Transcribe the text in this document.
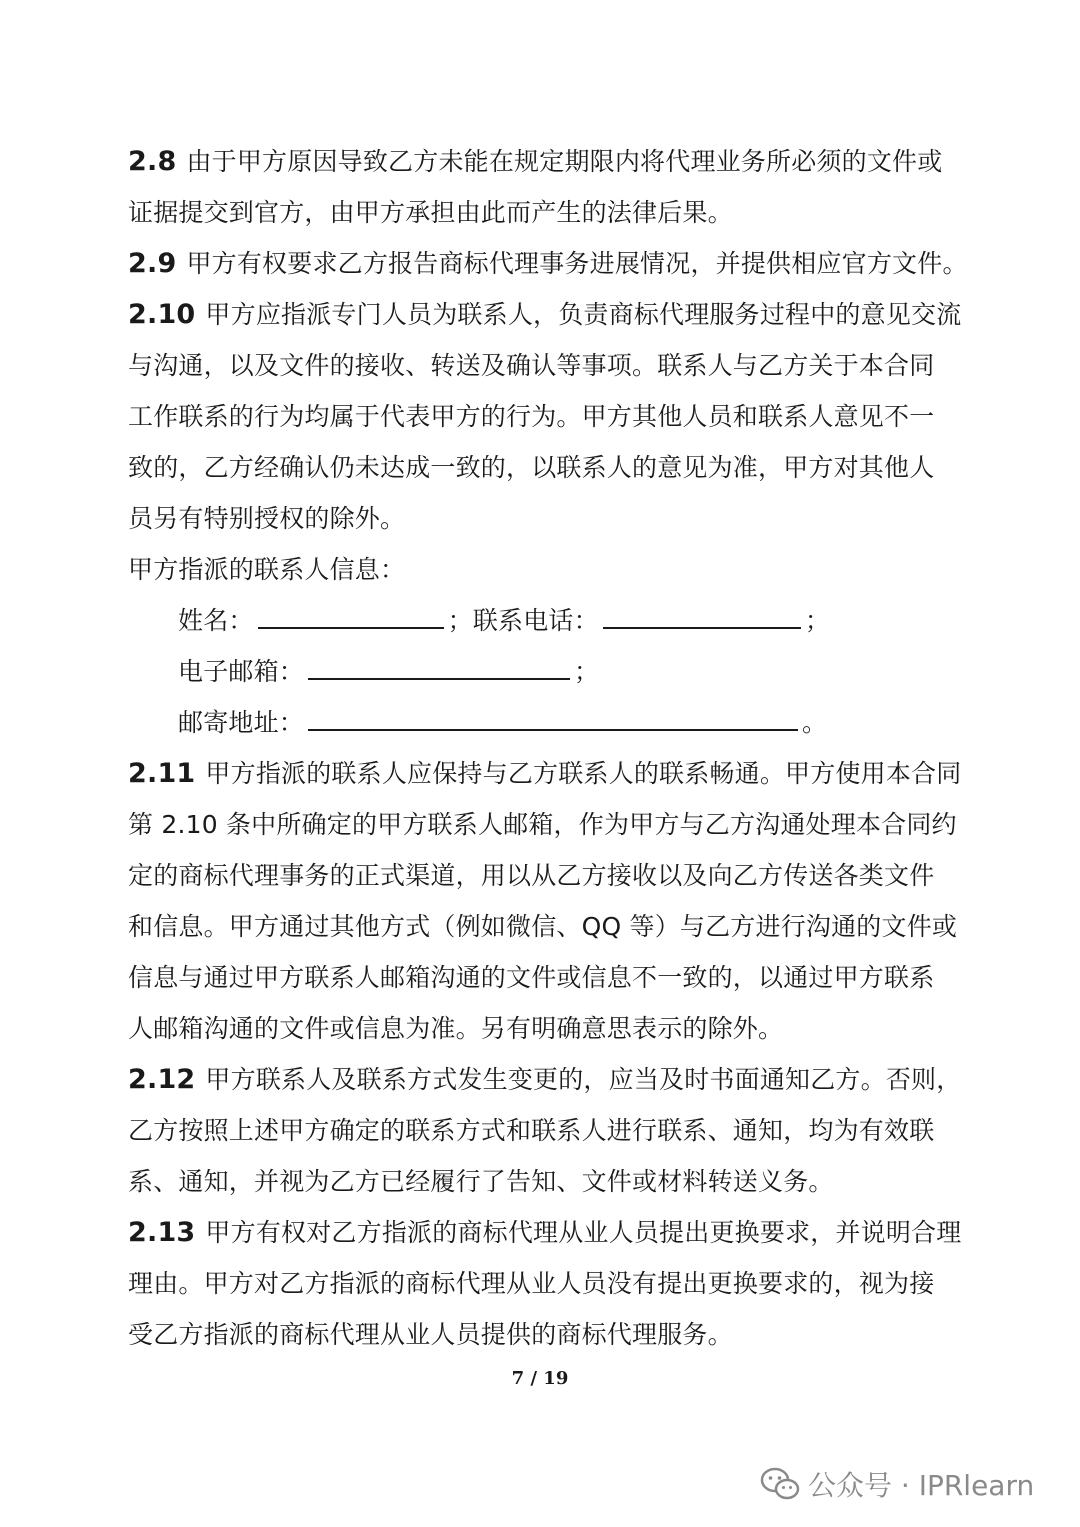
2.8 由于甲方原因导致乙方未能在规定期限内将代理业务所必须的文件或
证据提交到官方，由甲方承担由此而产生的法律后果。
2.9 甲方有权要求乙方报告商标代理事务进展情况，并提供相应官方文件。
2.10 甲方应指派专门人员为联系人，负责商标代理服务过程中的意见交流
与沟通，以及文件的接收、转送及确认等事项。联系人与乙方关于本合同
工作联系的行为均属于代表甲方的行为。甲方其他人员和联系人意见不一
致的，乙方经确认仍未达成一致的，以联系人的意见为准，甲方对其他人
员另有特别授权的除外。
甲方指派的联系人信息：
姓名：	；联系电话：	；
电子邮箱：	；
邮寄地址：	。
2.11 甲方指派的联系人应保持与乙方联系人的联系畅通。甲方使用本合同
第 2.10 条中所确定的甲方联系人邮箱，作为甲方与乙方沟通处理本合同约
定的商标代理事务的正式渠道，用以从乙方接收以及向乙方传送各类文件
和信息。甲方通过其他方式（例如微信、QQ 等）与乙方进行沟通的文件或
信息与通过甲方联系人邮箱沟通的文件或信息不一致的，以通过甲方联系
人邮箱沟通的文件或信息为准。另有明确意思表示的除外。
2.12 甲方联系人及联系方式发生变更的，应当及时书面通知乙方。否则，
乙方按照上述甲方确定的联系方式和联系人进行联系、通知，均为有效联
系、通知，并视为乙方已经履行了告知、文件或材料转送义务。
2.13 甲方有权对乙方指派的商标代理从业人员提出更换要求，并说明合理
理由。甲方对乙方指派的商标代理从业人员没有提出更换要求的，视为接
受乙方指派的商标代理从业人员提供的商标代理服务。
7 / 19
公众号 · IPRlearn
